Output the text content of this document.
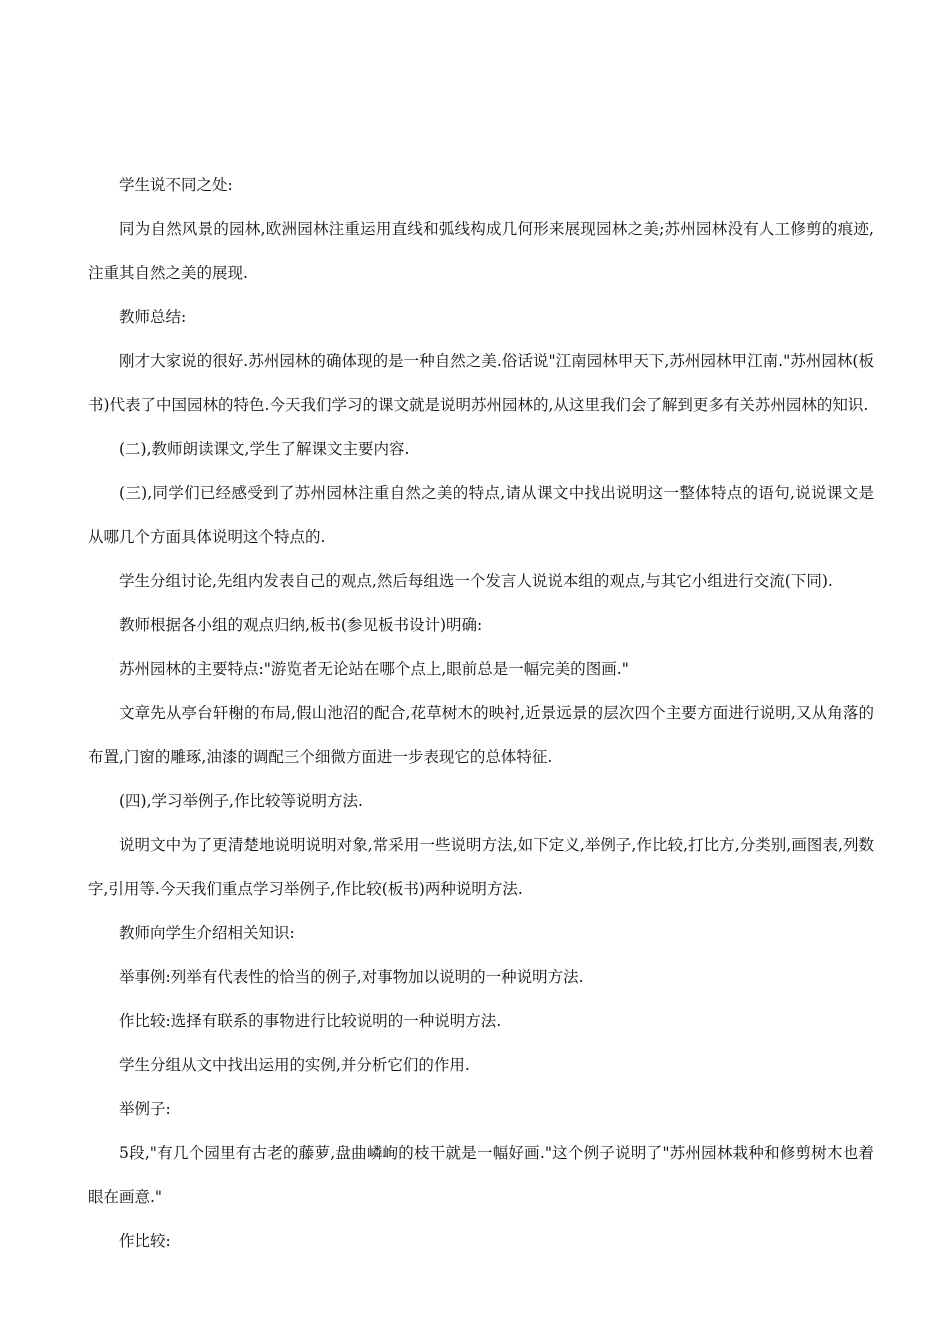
学生说不同之处:

同为自然风景的园林,欧洲园林注重运用直线和弧线构成几何形来展现园林之美;苏州园林没有人工修剪的痕迹,注重其自然之美的展现.

教师总结:

刚才大家说的很好.苏州园林的确体现的是一种自然之美.俗话说"江南园林甲天下,苏州园林甲江南."苏州园林(板书)代表了中国园林的特色.今天我们学习的课文就是说明苏州园林的,从这里我们会了解到更多有关苏州园林的知识.

(二),教师朗读课文,学生了解课文主要内容.

(三),同学们已经感受到了苏州园林注重自然之美的特点,请从课文中找出说明这一整体特点的语句,说说课文是从哪几个方面具体说明这个特点的.

学生分组讨论,先组内发表自己的观点,然后每组选一个发言人说说本组的观点,与其它小组进行交流(下同).

教师根据各小组的观点归纳,板书(参见板书设计)明确:

苏州园林的主要特点:"游览者无论站在哪个点上,眼前总是一幅完美的图画."

文章先从亭台轩榭的布局,假山池沼的配合,花草树木的映衬,近景远景的层次四个主要方面进行说明,又从角落的布置,门窗的雕琢,油漆的调配三个细微方面进一步表现它的总体特征.

(四),学习举例子,作比较等说明方法.

说明文中为了更清楚地说明说明对象,常采用一些说明方法,如下定义,举例子,作比较,打比方,分类别,画图表,列数字,引用等.今天我们重点学习举例子,作比较(板书)两种说明方法.

教师向学生介绍相关知识:

举事例:列举有代表性的恰当的例子,对事物加以说明的一种说明方法.

作比较:选择有联系的事物进行比较说明的一种说明方法.

学生分组从文中找出运用的实例,并分析它们的作用.

举例子:

5段,"有几个园里有古老的藤萝,盘曲嶙峋的枝干就是一幅好画."这个例子说明了"苏州园林栽种和修剪树木也着眼在画意."

作比较:
